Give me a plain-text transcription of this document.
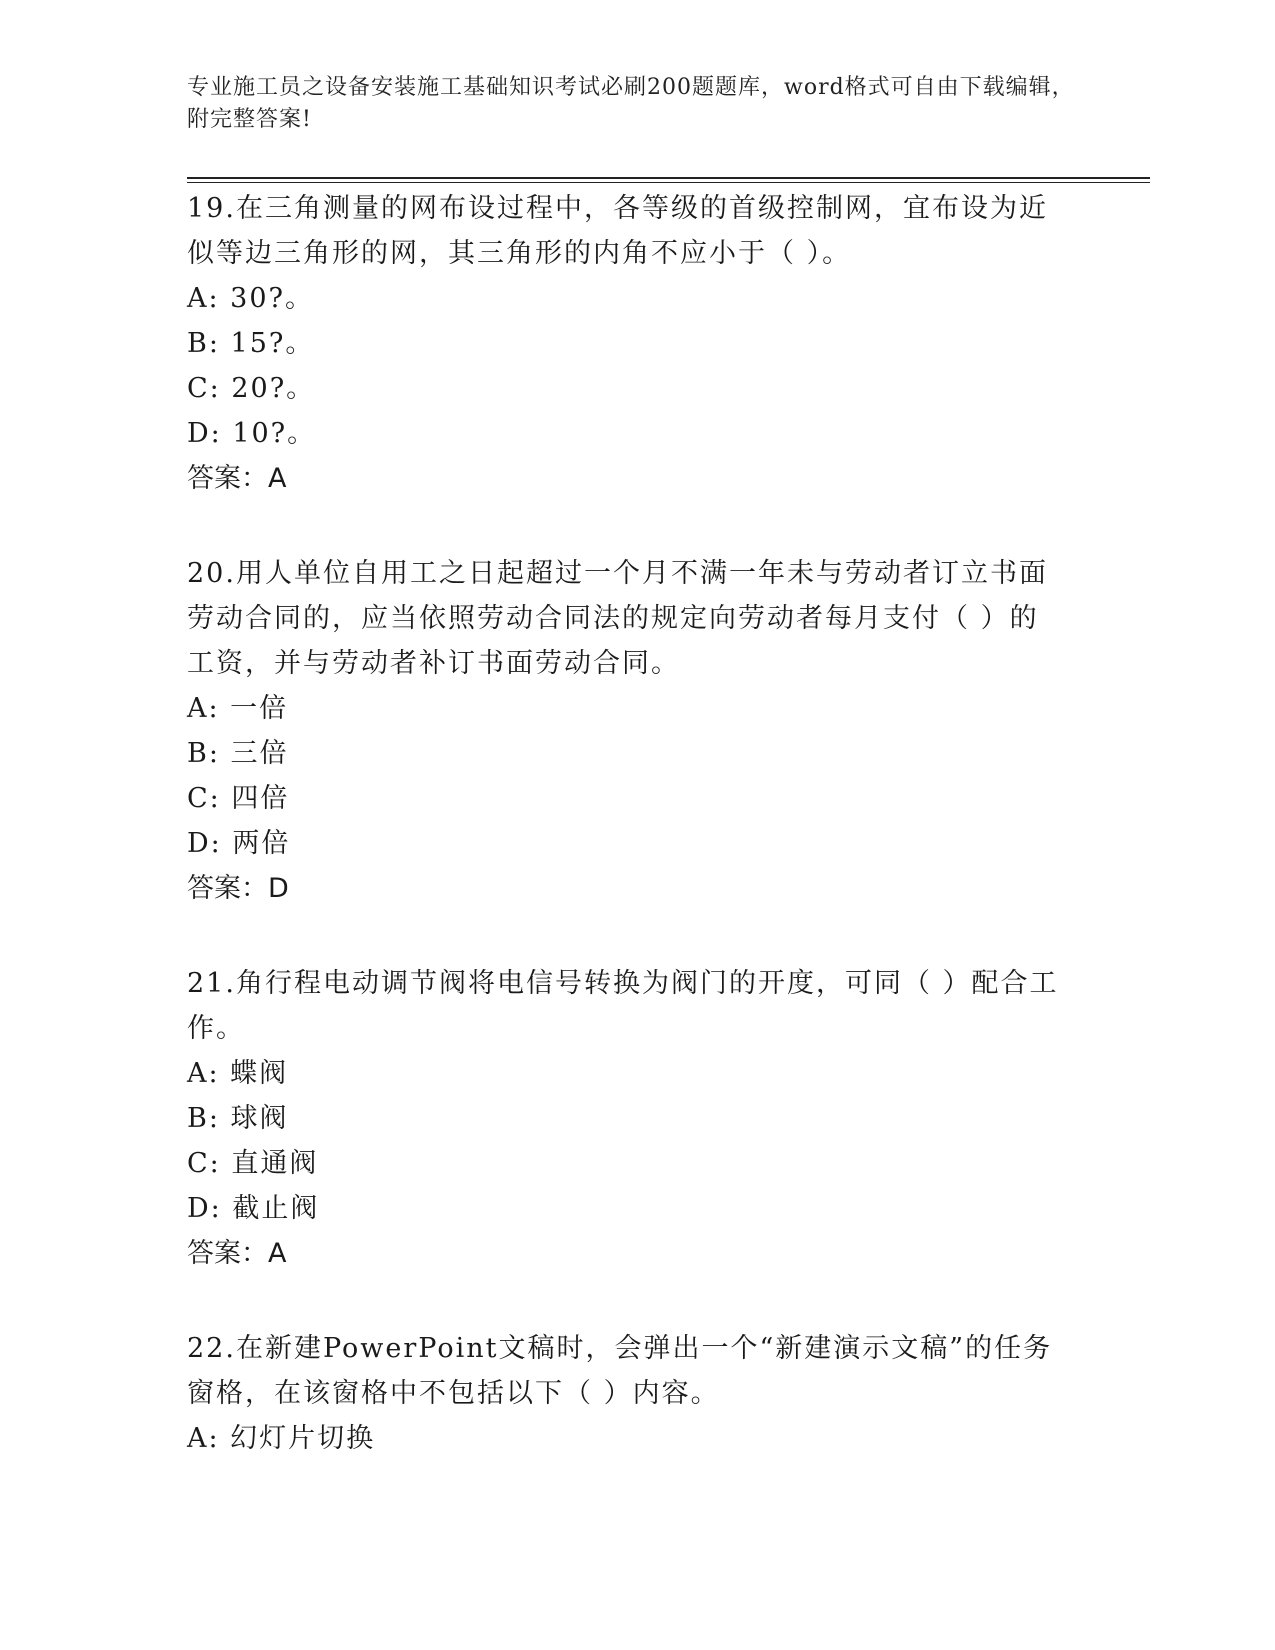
专业施工员之设备安装施工基础知识考试必刷200题题库，word格式可自由下载编辑，附完整答案!
19.在三角测量的网布设过程中，各等级的首级控制网，宜布设为近似等边三角形的网，其三角形的内角不应小于（ ）。
A: 30?。
B: 15?。
C: 20?。
D: 10?。
答案：A
20.用人单位自用工之日起超过一个月不满一年未与劳动者订立书面劳动合同的，应当依照劳动合同法的规定向劳动者每月支付（ ）的工资，并与劳动者补订书面劳动合同。
A: 一倍
B: 三倍
C: 四倍
D: 两倍
答案：D
21.角行程电动调节阀将电信号转换为阀门的开度，可同（ ）配合工作。
A: 蝶阀
B: 球阀
C: 直通阀
D: 截止阀
答案：A
22.在新建PowerPoint文稿时，会弹出一个“新建演示文稿”的任务窗格，在该窗格中不包括以下（ ）内容。
A: 幻灯片切换
